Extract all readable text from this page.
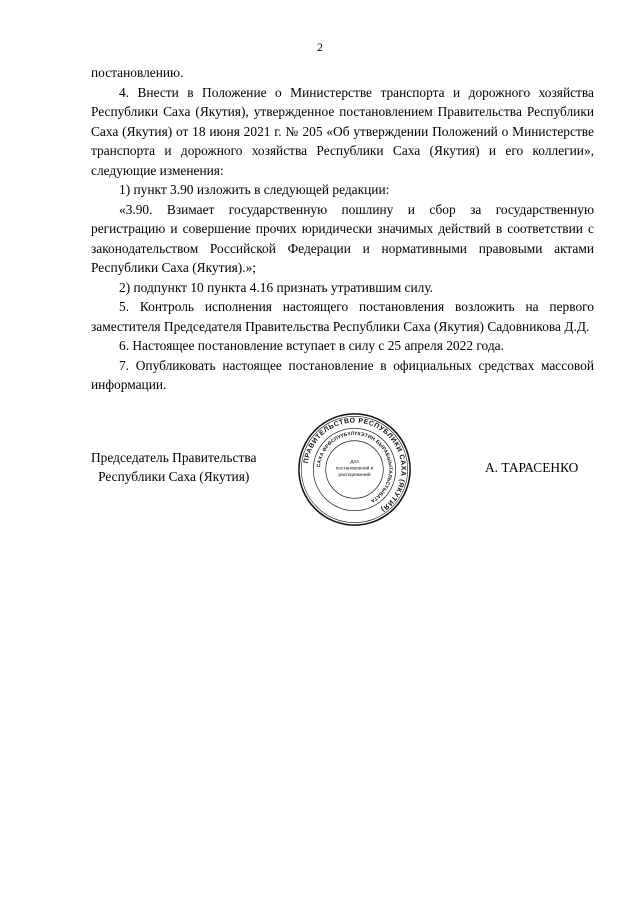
2

постановлению.

4. Внести в Положение о Министерстве транспорта и дорожного хозяйства Республики Саха (Якутия), утвержденное постановлением Правительства Республики Саха (Якутия) от 18 июня 2021 г. № 205 «Об утверждении Положений о Министерстве транспорта и дорожного хозяйства Республики Саха (Якутия) и его коллегии», следующие изменения:

1) пункт 3.90 изложить в следующей редакции:

«3.90. Взимает государственную пошлину и сбор за государственную регистрацию и совершение прочих юридически значимых действий в соответствии с законодательством Российской Федерации и нормативными правовыми актами Республики Саха (Якутия).»;

2) подпункт 10 пункта 4.16 признать утратившим силу.

5. Контроль исполнения настоящего постановления возложить на первого заместителя Председателя Правительства Республики Саха (Якутия) Садовникова Д.Д.

6. Настоящее постановление вступает в силу с 25 апреля 2022 года.

7. Опубликовать настоящее постановление в официальных средствах массовой информации.

Председатель Правительства
Республики Саха (Якутия)
ПРАВИТЕЛЬСТВО РЕСПУБЛИКИ САХА (ЯКУТИЯ)
САХА ӨРӨСПҮҮБҮЛҮКЭТИН БЫРАБЫЫТАЛЬСТЫБАТА
Для
постановлений и
распоряжений
А. ТАРАСЕНКО
